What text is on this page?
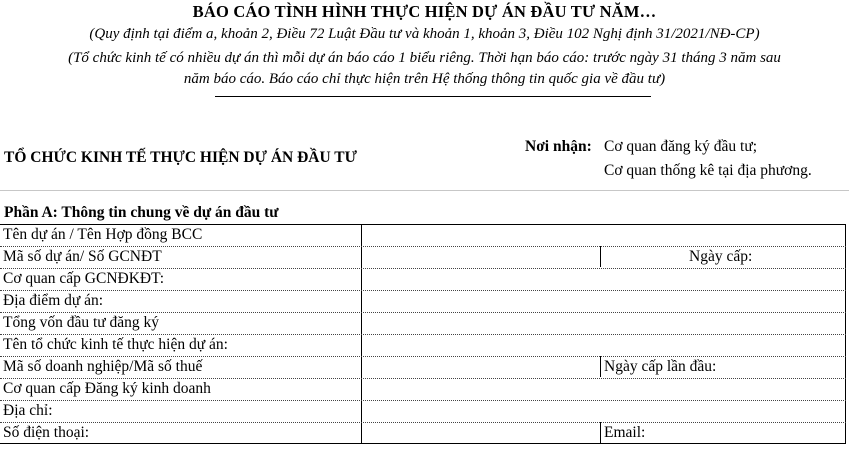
BÁO CÁO TÌNH HÌNH THỰC HIỆN DỰ ÁN ĐẦU TƯ NĂM…
(Quy định tại điểm a, khoản 2, Điều 72 Luật Đầu tư và khoản 1, khoản 3, Điều 102 Nghị định 31/2021/NĐ-CP)
(Tổ chức kinh tế có nhiều dự án thì mỗi dự án báo cáo 1 biểu riêng. Thời hạn báo cáo: trước ngày 31 tháng 3 năm sau
năm báo cáo. Báo cáo chỉ thực hiện trên Hệ thống thông tin quốc gia về đầu tư)
TỔ CHỨC KINH TẾ THỰC HIỆN DỰ ÁN ĐẦU TƯ
Nơi nhận: Cơ quan đăng ký đầu tư;
Cơ quan thống kê tại địa phương.
Phần A: Thông tin chung về dự án đầu tư
Tên dự án / Tên Hợp đồng BCC
Mã số dự án/ Số GCNĐT
Cơ quan cấp GCNĐKĐT:
Địa điểm dự án:
Tổng vốn đầu tư đăng ký
Tên tổ chức kinh tế thực hiện dự án:
Mã số doanh nghiệp/Mã số thuế
Cơ quan cấp Đăng ký kinh doanh
Địa chỉ:
Số điện thoại:
Ngày cấp:
Ngày cấp lần đầu:
Email:
